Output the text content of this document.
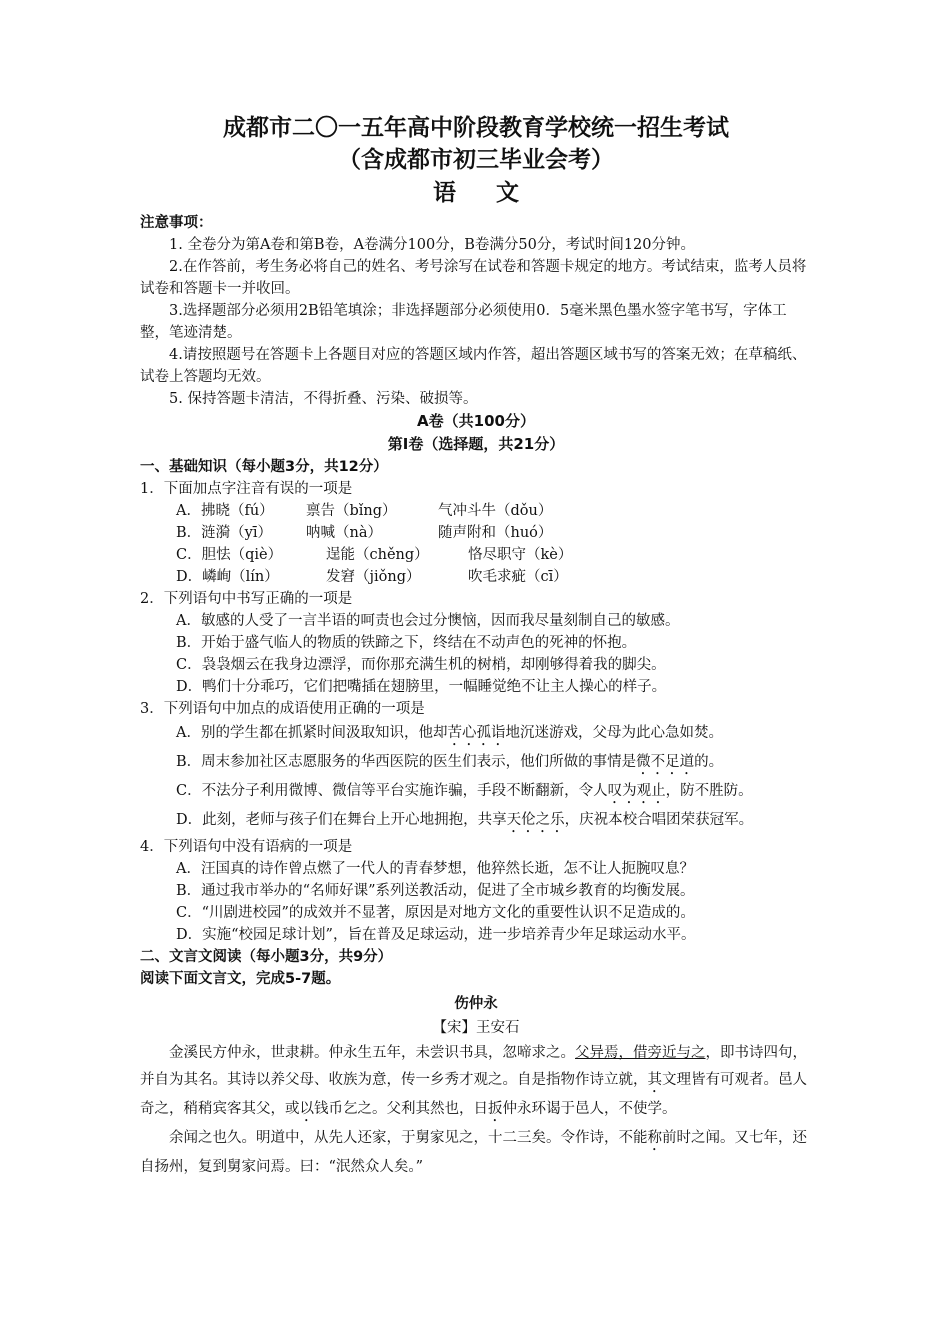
成都市二〇一五年高中阶段教育学校统一招生考试
（含成都市初三毕业会考）
语文

注意事项：

1. 全卷分为第A卷和第B卷，A卷满分100分，B卷满分50分，考试时间120分钟。

2.在作答前，考生务必将自己的姓名、考号涂写在试卷和答题卡规定的地方。考试结束，监考人员将试卷和答题卡一并收回。

3.选择题部分必须用2B铅笔填涂；非选择题部分必须使用0．5毫米黑色墨水签字笔书写，字体工整，笔迹清楚。

4.请按照题号在答题卡上各题目对应的答题区域内作答，超出答题区域书写的答案无效；在草稿纸、试卷上答题均无效。

5. 保持答题卡清洁，不得折叠、污染、破损等。

A卷（共100分）

第Ⅰ卷（选择题，共21分）

一、基础知识（每小题3分，共12分）

1．下面加点字注音有误的一项是

A．拂晓（fú） 禀告（bǐng）	气冲斗牛（dǒu）
B．涟漪（yī） 呐喊（nà）	随声附和（huó）
C．胆怯（qiè）	逞能（chěng）	恪尽职守（kè）
D．嶙峋（lín）	发窘（jiǒng）	吹毛求疵（cī）

2．下列语句中书写正确的一项是

A．敏感的人受了一言半语的呵责也会过分懊恼，因而我尽量刻制自己的敏感。

B．开始于盛气临人的物质的铁蹄之下，终结在不动声色的死神的怀抱。

C．袅袅烟云在我身边漂浮，而你那充满生机的树梢，却刚够得着我的脚尖。

D．鸭们十分乖巧，它们把嘴插在翅膀里，一幅睡觉绝不让主人操心的样子。

3．下列语句中加点的成语使用正确的一项是

A．别的学生都在抓紧时间汲取知识，他却苦心孤诣地沉迷游戏，父母为此心急如焚。

B．周末参加社区志愿服务的华西医院的医生们表示，他们所做的事情是微不足道的。

C．不法分子利用微博、微信等平台实施诈骗，手段不断翻新，令人叹为观止，防不胜防。

D．此刻，老师与孩子们在舞台上开心地拥抱，共享天伦之乐，庆祝本校合唱团荣获冠军。

4．下列语句中没有语病的一项是

A．汪国真的诗作曾点燃了一代人的青春梦想，他猝然长逝，怎不让人扼腕叹息？

B．通过我市举办的“名师好课”系列送教活动，促进了全市城乡教育的均衡发展。

C．“川剧进校园”的成效并不显著，原因是对地方文化的重要性认识不足造成的。

D．实施“校园足球计划”，旨在普及足球运动，进一步培养青少年足球运动水平。

二、文言文阅读（每小题3分，共9分）

阅读下面文言文，完成5-7题。

伤仲永

【宋】王安石

金溪民方仲永，世隶耕。仲永生五年，未尝识书具，忽啼求之。父异焉，借旁近与之，即书诗四句，并自为其名。其诗以养父母、收族为意，传一乡秀才观之。自是指物作诗立就，其文理皆有可观者。邑人奇之，稍稍宾客其父，或以钱币乞之。父利其然也，日扳仲永环谒于邑人，不使学。

余闻之也久。明道中，从先人还家，于舅家见之，十二三矣。令作诗，不能称前时之闻。又七年，还自扬州，复到舅家问焉。曰：“泯然众人矣。”
